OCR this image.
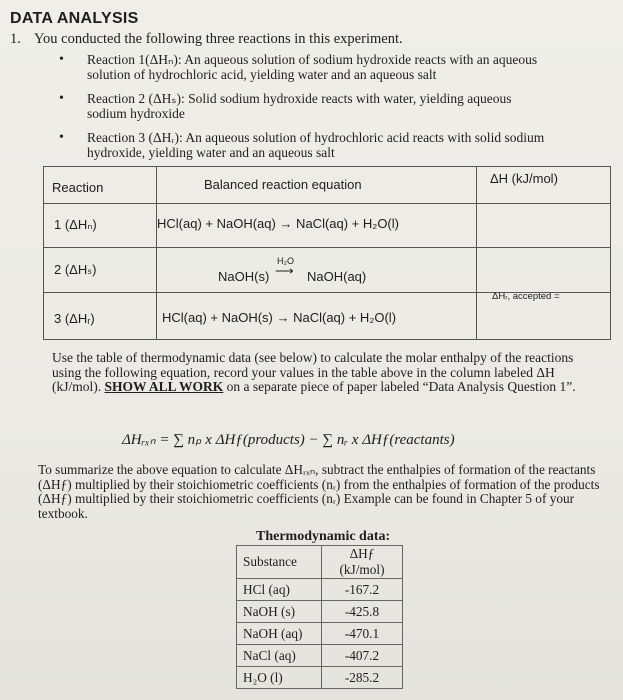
DATA ANALYSIS
1. You conducted the following three reactions in this experiment.
• Reaction 1(ΔHₙ): An aqueous solution of sodium hydroxide reacts with an aqueous
solution of hydrochloric acid, yielding water and an aqueous salt
• Reaction 2 (ΔHₛ): Solid sodium hydroxide reacts with water, yielding aqueous
sodium hydroxide
• Reaction 3 (ΔHᵣ): An aqueous solution of hydrochloric acid reacts with solid sodium
hydroxide, yielding water and an aqueous salt
Reaction	Balanced reaction equation	ΔH (kJ/mol)
1 (ΔHₙ)	HCl(aq) + NaOH(aq) → NaCl(aq) + H₂O(l)
2 (ΔHₛ)	NaOH(s)
H₂O
⟶ NaOH(aq)
3 (ΔHᵣ)	HCl(aq) + NaOH(s) → NaCl(aq) + H₂O(l)
ΔHᵣ, accepted =
Use the table of thermodynamic data (see below) to calculate the molar enthalpy of the reactions using the following equation, record your values in the table above in the column labeled ΔH (kJ/mol). SHOW ALL WORK on a separate piece of paper labeled “Data Analysis Question 1”.
ΔHᵣₓₙ = ∑ nₚ x ΔHƒ(products) − ∑ nᵣ x ΔHƒ(reactants)
To summarize the above equation to calculate ΔHᵣₓₙ, subtract the enthalpies of formation of the reactants (ΔHƒ) multiplied by their stoichiometric coefficients (nᵣ) from the enthalpies of formation of the products (ΔHƒ) multiplied by their stoichiometric coefficients (nᵣ) Example can be found in Chapter 5 of your textbook.
Thermodynamic data:
Substance	ΔHƒ (kJ/mol)
HCl (aq)	-167.2
NaOH (s)	-425.8
NaOH (aq)	-470.1
NaCl (aq)	-407.2
H₂O (l)	-285.2
